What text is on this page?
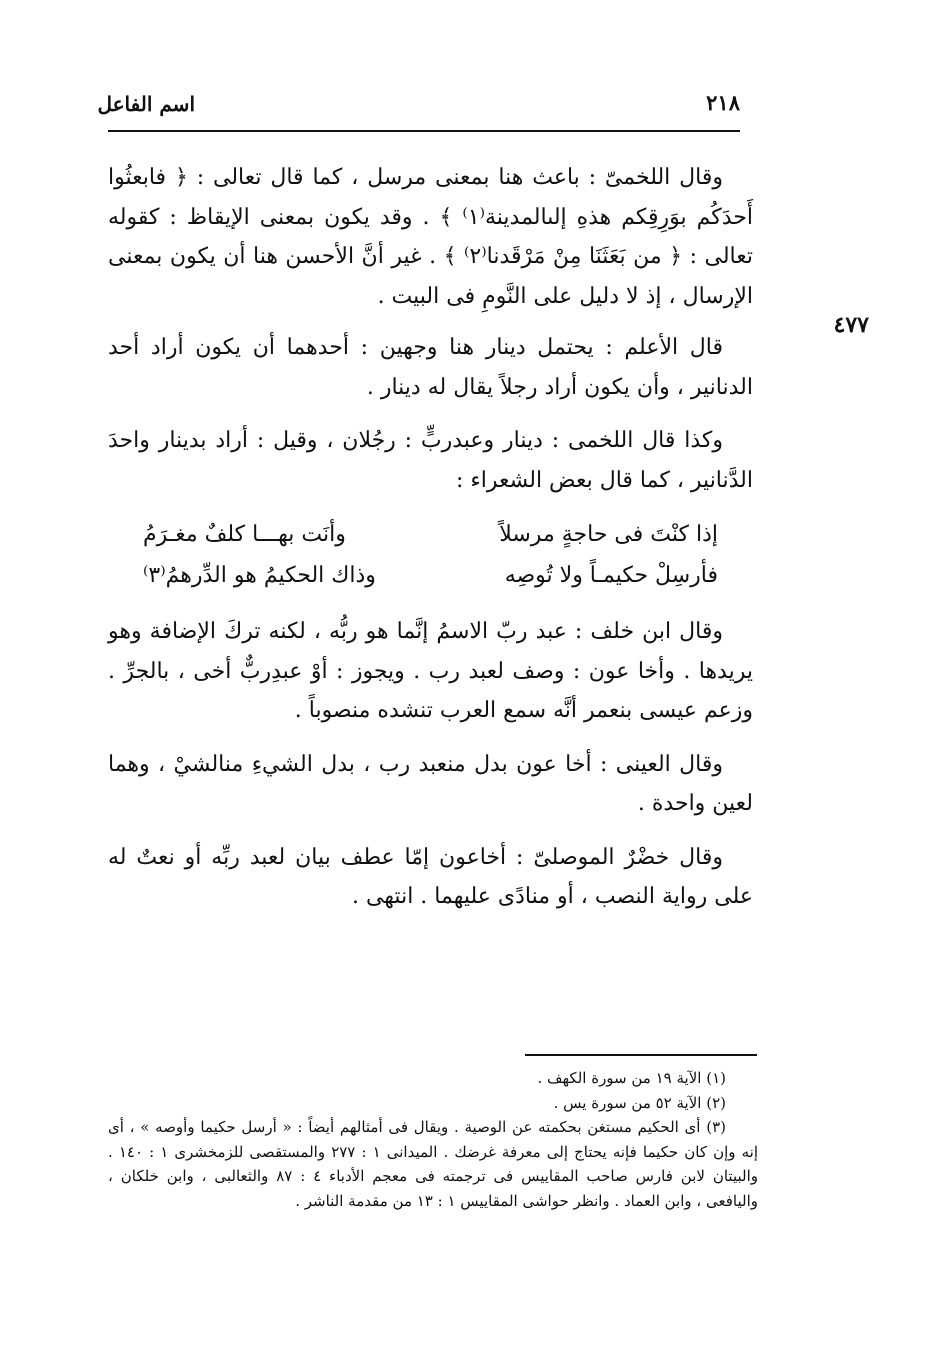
٢١٨
اسم الفاعل
٤٧٧

وقال اللخمىّ : باعث هنا بمعنى مرسل ، كما قال تعالى : ﴿ فابعثُوا أَحدَكُم بوَرِقِكم هذهِ إلىالمدينة⁽١⁾ ﴾ . وقد يكون بمعنى الإيقاظ : كقوله تعالى : ﴿ من بَعَثَنَا مِنْ مَرْقَدنا⁽٢⁾ ﴾ . غير أنَّ الأحسن هنا أن يكون بمعنى الإرسال ، إذ لا دليل على النَّومِ فى البيت .

قال الأعلم : يحتمل دينار هنا وجهين : أحدهما أن يكون أراد أحد الدنانير ، وأن يكون أراد رجلاً يقال له دينار .

وكذا قال اللخمى : دينار وعبدربٍّ : رجُلان ، وقيل : أراد بدينار واحدَ الدَّنانير ، كما قال بعض الشعراء :

إذا كنْتَ فى حاجةٍ مرسلاً
وأنَت بهـــا كلفٌ مغـرَمُ
فأرسِلْ حكيمـاً ولا تُوصِه
وذاك الحكيمُ هو الدِّرهمُ⁽٣⁾

وقال ابن خلف : عبد ربّ الاسمُ إنَّما هو ربُّه ، لكنه تركَ الإضافة وهو يريدها . وأخا عون : وصف لعبد رب . ويجوز : أوْ عبدِربٌّ أخى ، بالجرِّ . وزعم عيسى بنعمر أنَّه سمع العرب تنشده منصوباً .

وقال العينى : أخا عون بدل منعبد رب ، بدل الشيءِ منالشيْ ، وهما لعين واحدة .

وقال خضْرٌ الموصلىّ : أخاعون إمّا عطف بيان لعبد ربِّه أو نعتٌ له على رواية النصب ، أو منادًى عليهما . انتهى .

(١) الآية ١٩ من سورة الكهف .

(٢) الآية ٥٢ من سورة يس .

(٣) أى الحكيم مستغن بحكمته عن الوصية . ويقال فى أمثالهم أيضاً : « أرسل حكيما وأوصه » ، أى إنه وإن كان حكيما فإنه يحتاج إلى معرفة غرضك . الميدانى ١ : ٢٧٧ والمستقصى للزمخشرى ١ : ١٤٠ . والبيتان لابن فارس صاحب المقاييس فى ترجمته فى معجم الأدباء ٤ : ٨٧ والثعالبى ، وابن خلكان ، واليافعى ، وابن العماد . وانظر حواشى المقاييس ١ : ١٣ من مقدمة الناشر .
